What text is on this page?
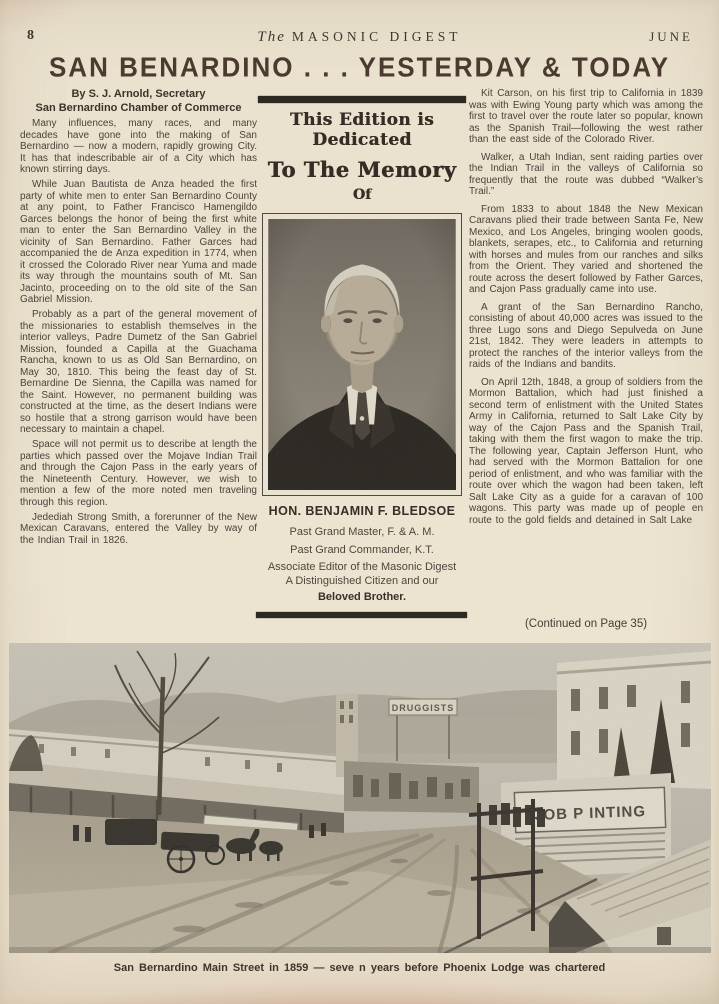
8	The MASONIC DIGEST	JUNE
SAN BENARDINO . . . YESTERDAY & TODAY
By S. J. Arnold, Secretary
San Bernardino Chamber of Commerce

Many influences, many races, and many decades have gone into the making of San Bernardino — now a modern, rapidly growing City. It has that indescribable air of a City which has known stirring days.

While Juan Bautista de Anza headed the first party of white men to enter San Bernardino County at any point, to Father Francisco Hamengildo Garces belongs the honor of being the first white man to enter the San Bernardino Valley in the vicinity of San Bernardino. Father Garces had accompanied the de Anza expedition in 1774, when it crossed the Colorado River near Yuma and made its way through the mountains south of Mt. San Jacinto, proceeding on to the old site of the San Gabriel Mission.

Probably as a part of the general movement of the missionaries to establish themselves in the interior valleys, Padre Dumetz of the San Gabriel Mission, founded a Capilla at the Guachama Rancha, known to us as Old San Bernardino, on May 30, 1810. This being the feast day of St. Bernardine De Sienna, the Capilla was named for the Saint. However, no permanent building was constructed at the time, as the desert Indians were so hostile that a strong garrison would have been necessary to maintain a chapel.

Space will not permit us to describe at length the parties which passed over the Mojave Indian Trail and through the Cajon Pass in the early years of the Nineteenth Century. However, we wish to mention a few of the more noted men traveling through this region.

Jedediah Strong Smith, a forerunner of the New Mexican Caravans, entered the Valley by way of the Indian Trail in 1826.

This Edition is Dedicated
To The Memory
Of
HON. BENJAMIN F. BLEDSOE
Past Grand Master, F. & A. M.
Past Grand Commander, K.T.
Associate Editor of the Masonic Digest
A Distinguished Citizen and our
Beloved Brother.

Kit Carson, on his first trip to California in 1839 was with Ewing Young party which was among the first to travel over the route later so popular, known as the Spanish Trail—following the west rather than the east side of the Colorado River.

Walker, a Utah Indian, sent raiding parties over the Indian Trail in the valleys of California so frequently that the route was dubbed “Walker’s Trail.”

From 1833 to about 1848 the New Mexican Caravans plied their trade between Santa Fe, New Mexico, and Los Angeles, bringing woolen goods, blankets, serapes, etc., to California and returning with horses and mules from our ranches and silks from the Orient. They varied and shortened the route across the desert followed by Father Garces, and Cajon Pass gradually came into use.

A grant of the San Bernardino Rancho, consisting of about 40,000 acres was issued to the three Lugo sons and Diego Sepulveda on June 21st, 1842. They were leaders in attempts to protect the ranches of the interior valleys from the raids of the Indians and bandits.

On April 12th, 1848, a group of soldiers from the Mormon Battalion, which had just finished a second term of enlistment with the United States Army in California, returned to Salt Lake City by way of the Cajon Pass and the Spanish Trail, taking with them the first wagon to make the trip. The following year, Captain Jefferson Hunt, who had served with the Mormon Battalion for one period of enlistment, and who was familiar with the route over which the wagon had been taken, left Salt Lake City as a guide for a caravan of 100 wagons. This party was made up of people en route to the gold fields and detained in Salt Lake

(Continued on Page 35)
San Bernardino Main Street in 1859 — seve n years before Phoenix Lodge was chartered
